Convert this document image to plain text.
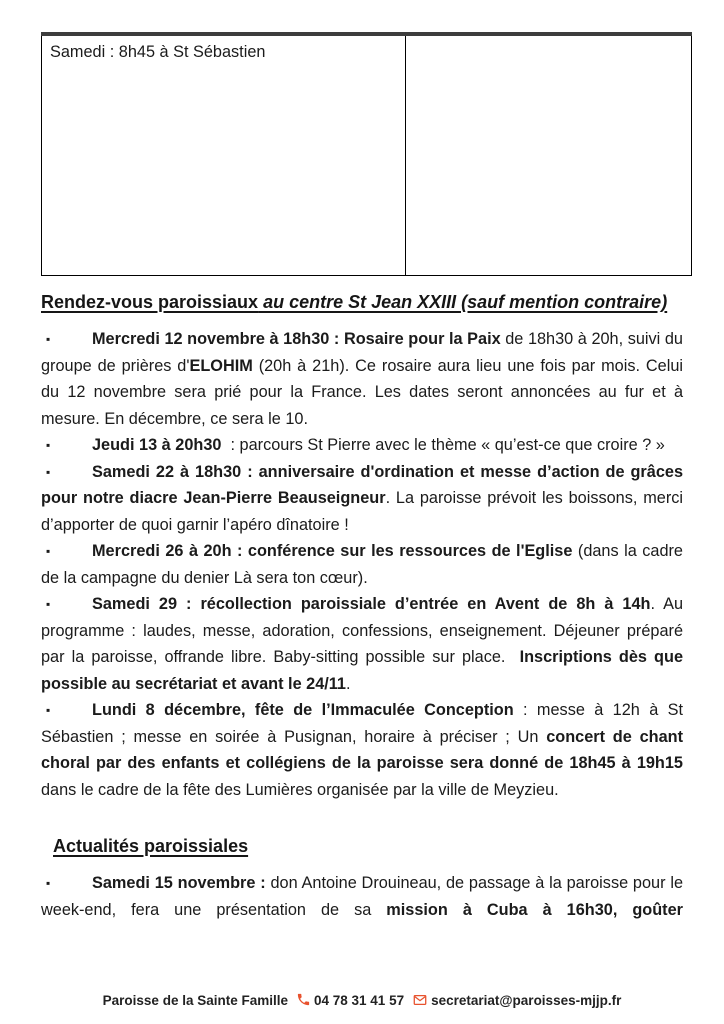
Samedi : 8h45 à St Sébastien	
Rendez-vous paroissiaux au centre St Jean XXIII (sauf mention contraire)

▪	Mercredi 12 novembre à 18h30 : Rosaire pour la Paix de 18h30 à 20h, suivi du groupe de prières d'ELOHIM (20h à 21h). Ce rosaire aura lieu une fois par mois. Celui du 12 novembre sera prié pour la France. Les dates seront annoncées au fur et à mesure. En décembre, ce sera le 10.

▪	Jeudi 13 à 20h30  : parcours St Pierre avec le thème « qu’est-ce que croire ? »

▪	Samedi 22 à 18h30 : anniversaire d'ordination et messe d’action de grâces pour notre diacre Jean-Pierre Beauseigneur. La paroisse prévoit les boissons, merci d’apporter de quoi garnir l’apéro dînatoire !

▪	Mercredi 26 à 20h : conférence sur les ressources de l'Eglise (dans la cadre de la campagne du denier Là sera ton cœur).

▪	Samedi 29 : récollection paroissiale d’entrée en Avent de 8h à 14h. Au programme : laudes, messe, adoration, confessions, enseignement. Déjeuner préparé par la paroisse, offrande libre. Baby-sitting possible sur place.  Inscriptions dès que possible au secrétariat et avant le 24/11.

▪	Lundi 8 décembre, fête de l’Immaculée Conception : messe à 12h à St Sébastien ; messe en soirée à Pusignan, horaire à préciser ; Un concert de chant choral par des enfants et collégiens de la paroisse sera donné de 18h45 à 19h15 dans le cadre de la fête des Lumières organisée par la ville de Meyzieu.

Actualités paroissiales

▪	Samedi 15 novembre : don Antoine Drouineau, de passage à la paroisse pour le week-end, fera une présentation de sa mission à Cuba à 16h30, goûter

Paroisse de la Sainte Famille 04 78 31 41 57 secretariat@paroisses-mjjp.fr
